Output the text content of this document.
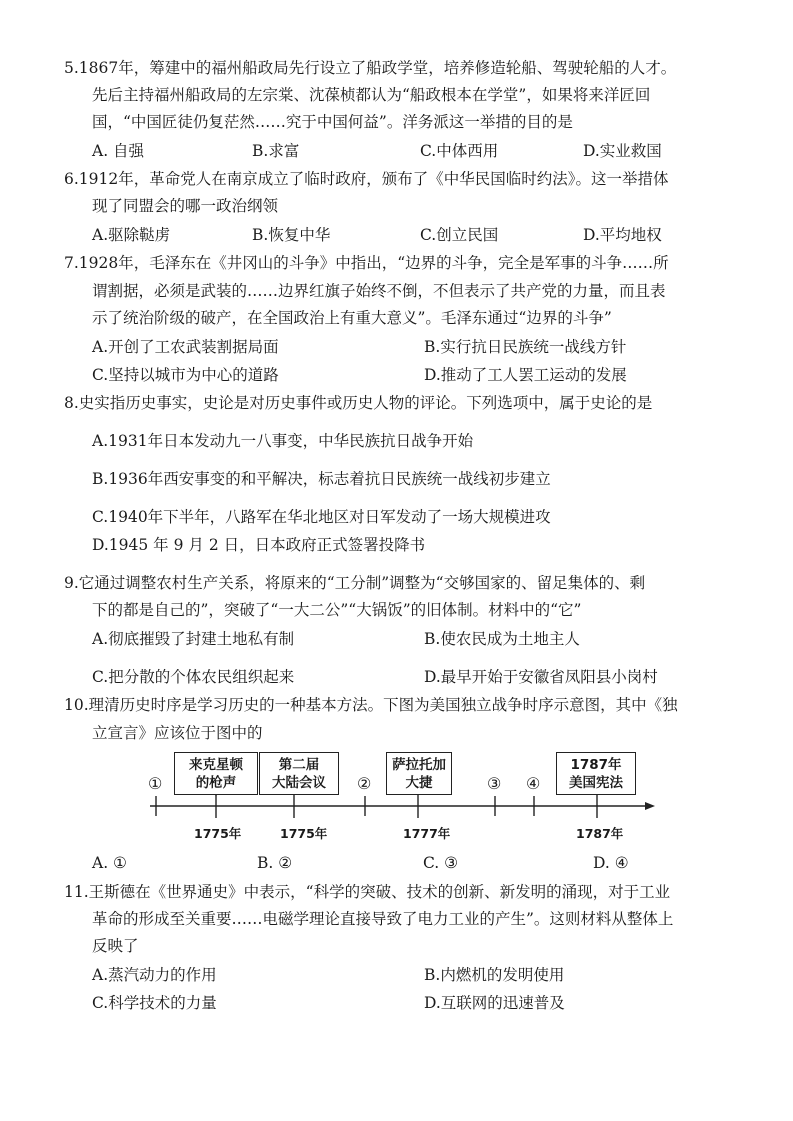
5.1867年，筹建中的福州船政局先行设立了船政学堂，培养修造轮船、驾驶轮船的人才。
先后主持福州船政局的左宗棠、沈葆桢都认为“船政根本在学堂”，如果将来洋匠回
国，“中国匠徒仍复茫然……究于中国何益”。洋务派这一举措的目的是
A. 自强	B.求富	C.中体西用	D.实业救国
6.1912年，革命党人在南京成立了临时政府，颁布了《中华民国临时约法》。这一举措体
现了同盟会的哪一政治纲领
A.驱除鞑虏	B.恢复中华	C.创立民国	D.平均地权
7.1928年，毛泽东在《井冈山的斗争》中指出，“边界的斗争，完全是军事的斗争……所
谓割据，必须是武装的……边界红旗子始终不倒，不但表示了共产党的力量，而且表
示了统治阶级的破产，在全国政治上有重大意义”。毛泽东通过“边界的斗争”
A.开创了工农武装割据局面	B.实行抗日民族统一战线方针
C.坚持以城市为中心的道路	D.推动了工人罢工运动的发展
8.史实指历史事实，史论是对历史事件或历史人物的评论。下列选项中，属于史论的是
A.1931年日本发动九一八事变，中华民族抗日战争开始
B.1936年西安事变的和平解决，标志着抗日民族统一战线初步建立
C.1940年下半年，八路军在华北地区对日军发动了一场大规模进攻
D.1945 年 9 月 2 日，日本政府正式签署投降书
9.它通过调整农村生产关系，将原来的“工分制”调整为“交够国家的、留足集体的、剩
下的都是自己的”，突破了“一大二公”“大锅饭”的旧体制。材料中的“它”
A.彻底摧毁了封建土地私有制	B.使农民成为土地主人
C.把分散的个体农民组织起来	D.最早开始于安徽省凤阳县小岗村
10.理清历史时序是学习历史的一种基本方法。下图为美国独立战争时序示意图，其中《独
立宣言》应该位于图中的
来克星顿
的枪声
第二届
大陆会议
萨拉托加
大捷
1787年
美国宪法
①	②	③ ④
1775年	1775年	1777年	1787年
A. ①	B. ②	C. ③	D. ④
11.王斯德在《世界通史》中表示，“科学的突破、技术的创新、新发明的涌现，对于工业
革命的形成至关重要……电磁学理论直接导致了电力工业的产生”。这则材料从整体上
反映了
A.蒸汽动力的作用	B.内燃机的发明使用
C.科学技术的力量	D.互联网的迅速普及
